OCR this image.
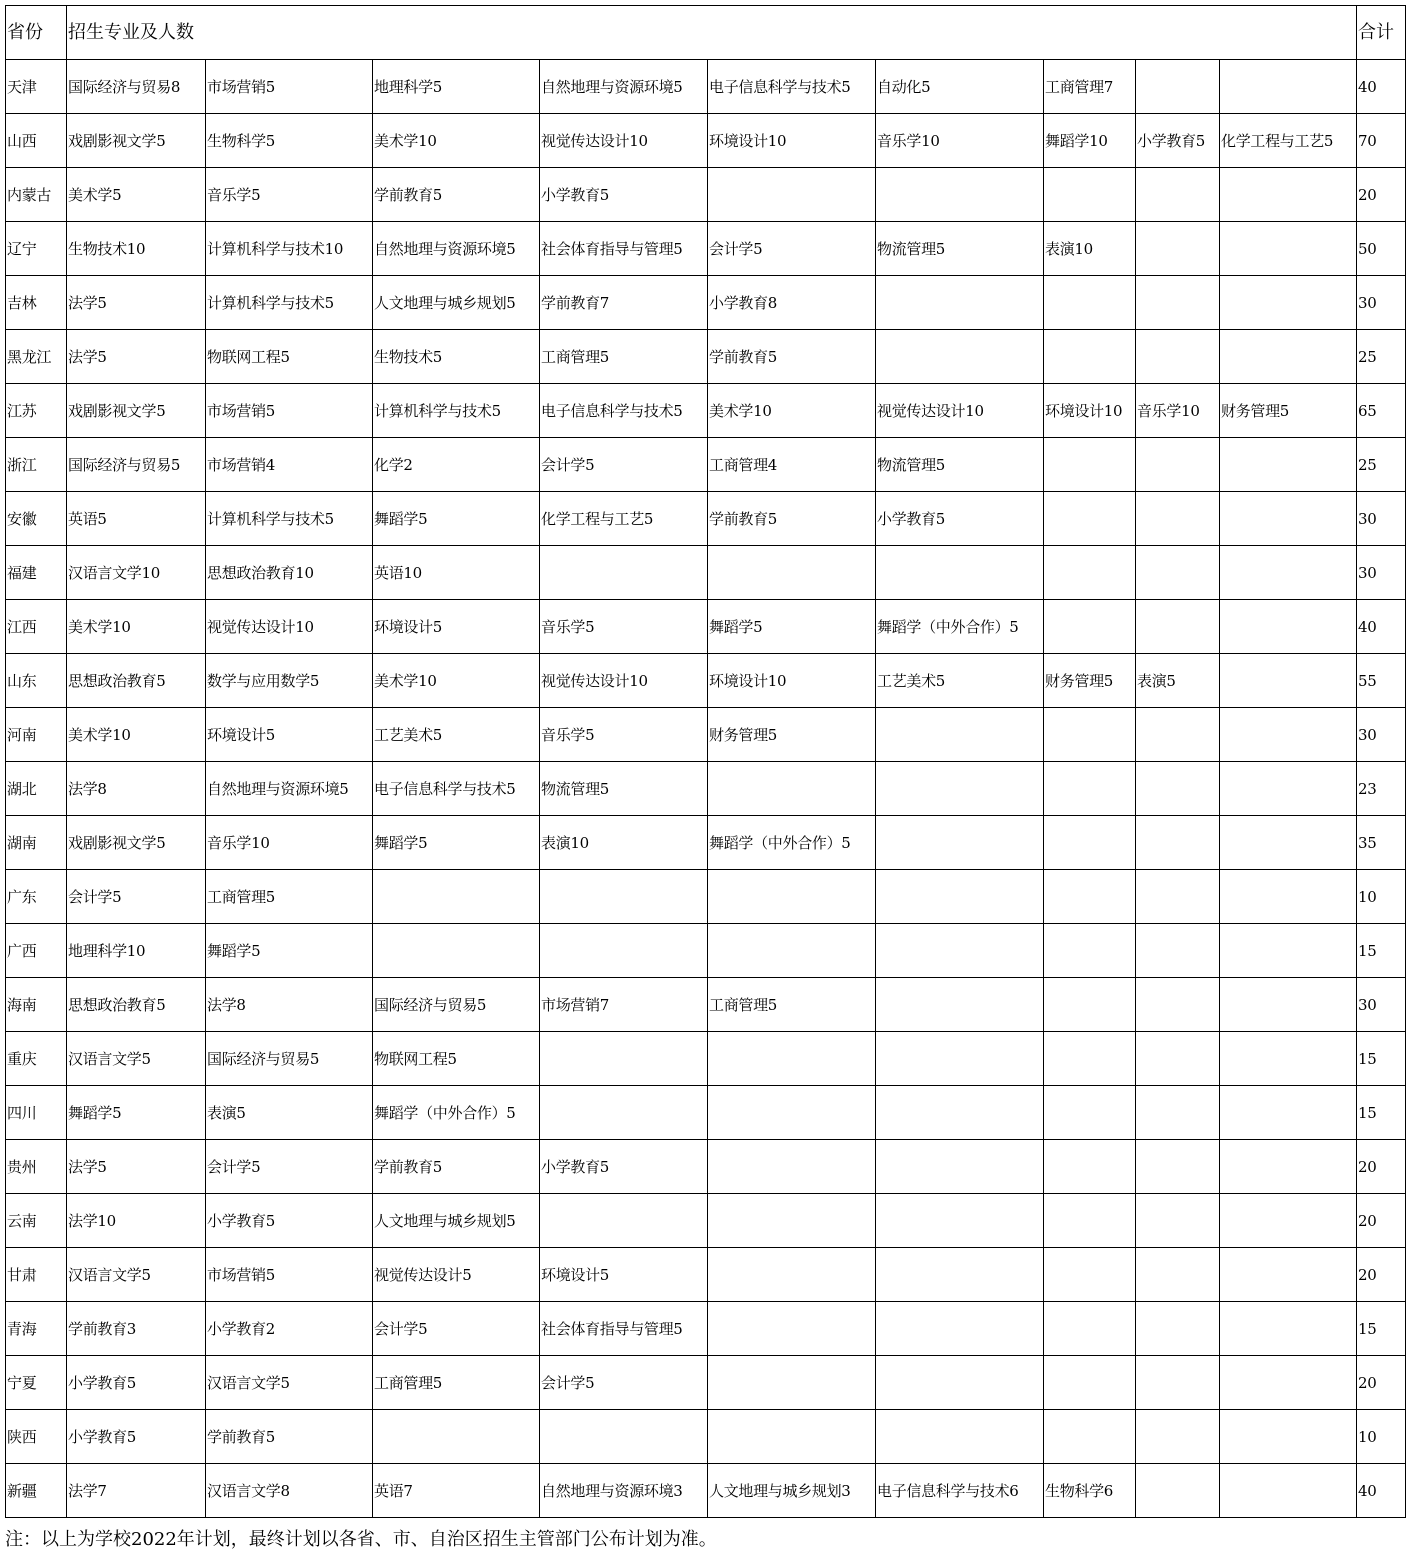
省份	招生专业及人数									合计
天津	国际经济与贸易8	市场营销5	地理科学5	自然地理与资源环境5	电子信息科学与技术5	自动化5	工商管理7			40
山西	戏剧影视文学5	生物科学5	美术学10	视觉传达设计10	环境设计10	音乐学10	舞蹈学10	小学教育5	化学工程与工艺5	70
内蒙古	美术学5	音乐学5	学前教育5	小学教育5						20
辽宁	生物技术10	计算机科学与技术10	自然地理与资源环境5	社会体育指导与管理5	会计学5	物流管理5	表演10			50
吉林	法学5	计算机科学与技术5	人文地理与城乡规划5	学前教育7	小学教育8					30
黑龙江	法学5	物联网工程5	生物技术5	工商管理5	学前教育5					25
江苏	戏剧影视文学5	市场营销5	计算机科学与技术5	电子信息科学与技术5	美术学10	视觉传达设计10	环境设计10	音乐学10	财务管理5	65
浙江	国际经济与贸易5	市场营销4	化学2	会计学5	工商管理4	物流管理5				25
安徽	英语5	计算机科学与技术5	舞蹈学5	化学工程与工艺5	学前教育5	小学教育5				30
福建	汉语言文学10	思想政治教育10	英语10							30
江西	美术学10	视觉传达设计10	环境设计5	音乐学5	舞蹈学5	舞蹈学（中外合作）5				40
山东	思想政治教育5	数学与应用数学5	美术学10	视觉传达设计10	环境设计10	工艺美术5	财务管理5	表演5		55
河南	美术学10	环境设计5	工艺美术5	音乐学5	财务管理5					30
湖北	法学8	自然地理与资源环境5	电子信息科学与技术5	物流管理5						23
湖南	戏剧影视文学5	音乐学10	舞蹈学5	表演10	舞蹈学（中外合作）5					35
广东	会计学5	工商管理5								10
广西	地理科学10	舞蹈学5								15
海南	思想政治教育5	法学8	国际经济与贸易5	市场营销7	工商管理5					30
重庆	汉语言文学5	国际经济与贸易5	物联网工程5							15
四川	舞蹈学5	表演5	舞蹈学（中外合作）5							15
贵州	法学5	会计学5	学前教育5	小学教育5						20
云南	法学10	小学教育5	人文地理与城乡规划5							20
甘肃	汉语言文学5	市场营销5	视觉传达设计5	环境设计5						20
青海	学前教育3	小学教育2	会计学5	社会体育指导与管理5						15
宁夏	小学教育5	汉语言文学5	工商管理5	会计学5						20
陕西	小学教育5	学前教育5								10
新疆	法学7	汉语言文学8	英语7	自然地理与资源环境3	人文地理与城乡规划3	电子信息科学与技术6	生物科学6			40
注：以上为学校2022年计划，最终计划以各省、市、自治区招生主管部门公布计划为准。
